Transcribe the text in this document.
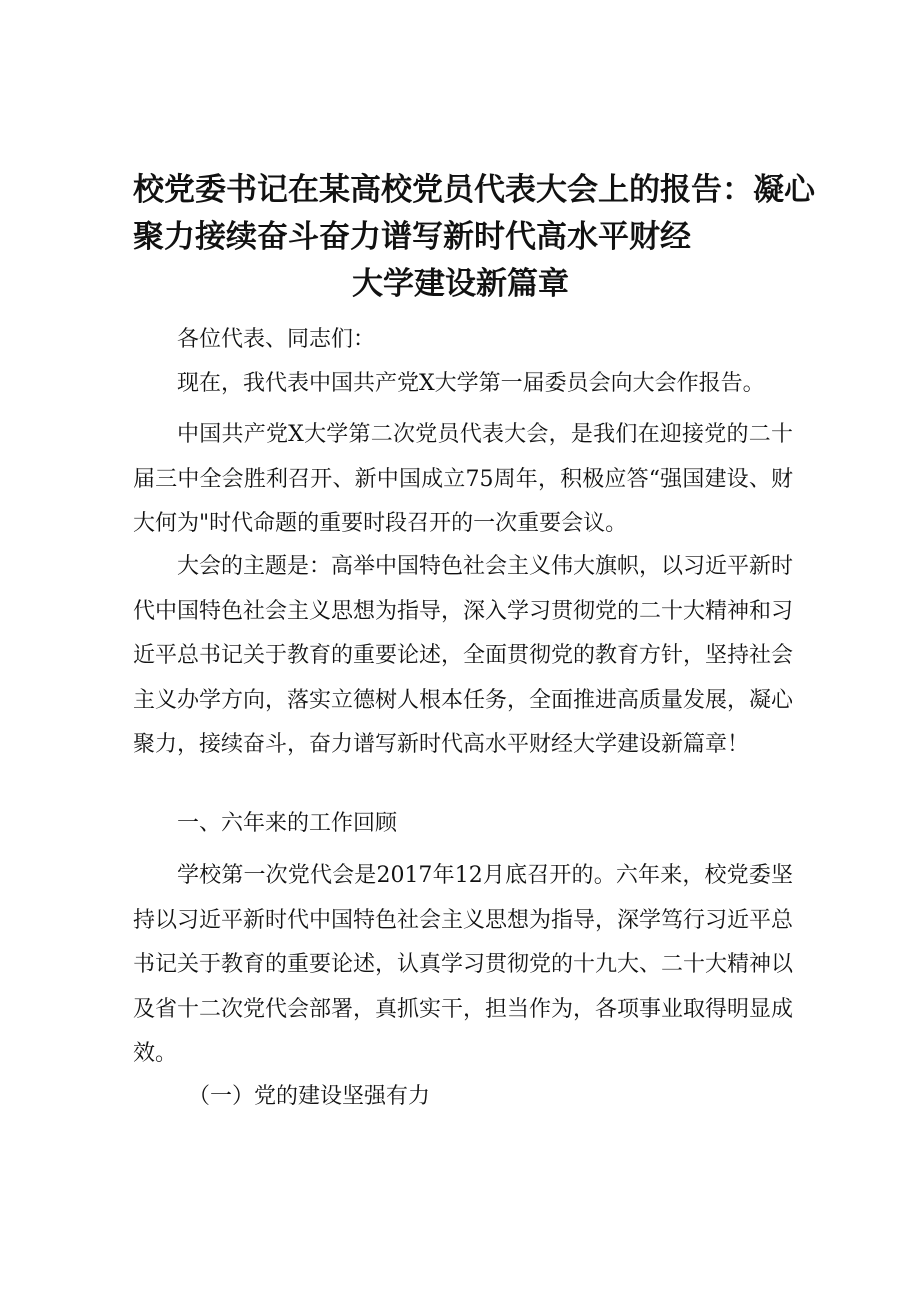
校党委书记在某高校党员代表大会上的报告：凝心
聚力接续奋斗奋力谱写新时代高水平财经
大学建设新篇章

各位代表、同志们：

现在，我代表中国共产党X大学第一届委员会向大会作报告。

中国共产党X大学第二次党员代表大会，是我们在迎接党的二十届三中全会胜利召开、新中国成立75周年，积极应答“强国建设、财大何为"时代命题的重要时段召开的一次重要会议。

大会的主题是：高举中国特色社会主义伟大旗帜，以习近平新时代中国特色社会主义思想为指导，深入学习贯彻党的二十大精神和习近平总书记关于教育的重要论述，全面贯彻党的教育方针，坚持社会主义办学方向，落实立德树人根本任务，全面推进高质量发展，凝心聚力，接续奋斗，奋力谱写新时代高水平财经大学建设新篇章！

一、六年来的工作回顾

学校第一次党代会是2017年12月底召开的。六年来，校党委坚持以习近平新时代中国特色社会主义思想为指导，深学笃行习近平总书记关于教育的重要论述，认真学习贯彻党的十九大、二十大精神以及省十二次党代会部署，真抓实干，担当作为，各项事业取得明显成效。

（一）党的建设坚强有力
